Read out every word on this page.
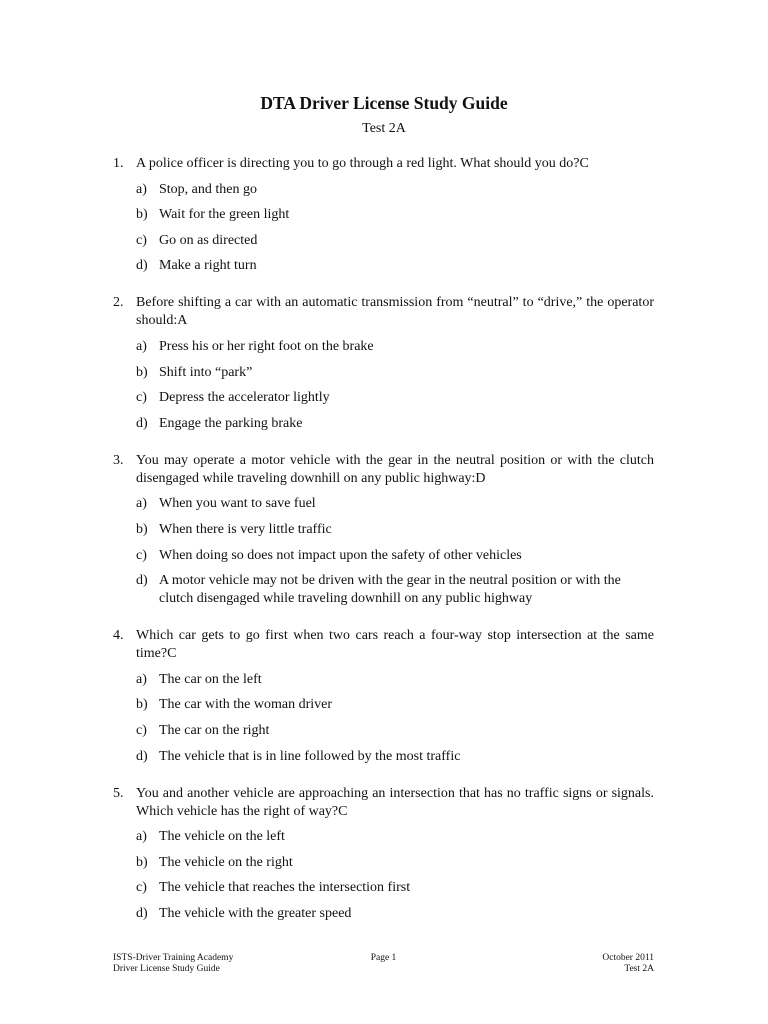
DTA Driver License Study Guide
Test 2A
1. A police officer is directing you to go through a red light. What should you do?C
a) Stop, and then go
b) Wait for the green light
c) Go on as directed
d) Make a right turn
2. Before shifting a car with an automatic transmission from “neutral” to “drive,” the operator should:A
a) Press his or her right foot on the brake
b) Shift into “park”
c) Depress the accelerator lightly
d) Engage the parking brake
3. You may operate a motor vehicle with the gear in the neutral position or with the clutch disengaged while traveling downhill on any public highway:D
a) When you want to save fuel
b) When there is very little traffic
c) When doing so does not impact upon the safety of other vehicles
d) A motor vehicle may not be driven with the gear in the neutral position or with the clutch disengaged while traveling downhill on any public highway
4. Which car gets to go first when two cars reach a four-way stop intersection at the same time?C
a) The car on the left
b) The car with the woman driver
c) The car on the right
d) The vehicle that is in line followed by the most traffic
5. You and another vehicle are approaching an intersection that has no traffic signs or signals. Which vehicle has the right of way?C
a) The vehicle on the left
b) The vehicle on the right
c) The vehicle that reaches the intersection first
d) The vehicle with the greater speed
ISTS-Driver Training Academy
Driver License Study Guide
Page 1	October 2011
Test 2A
